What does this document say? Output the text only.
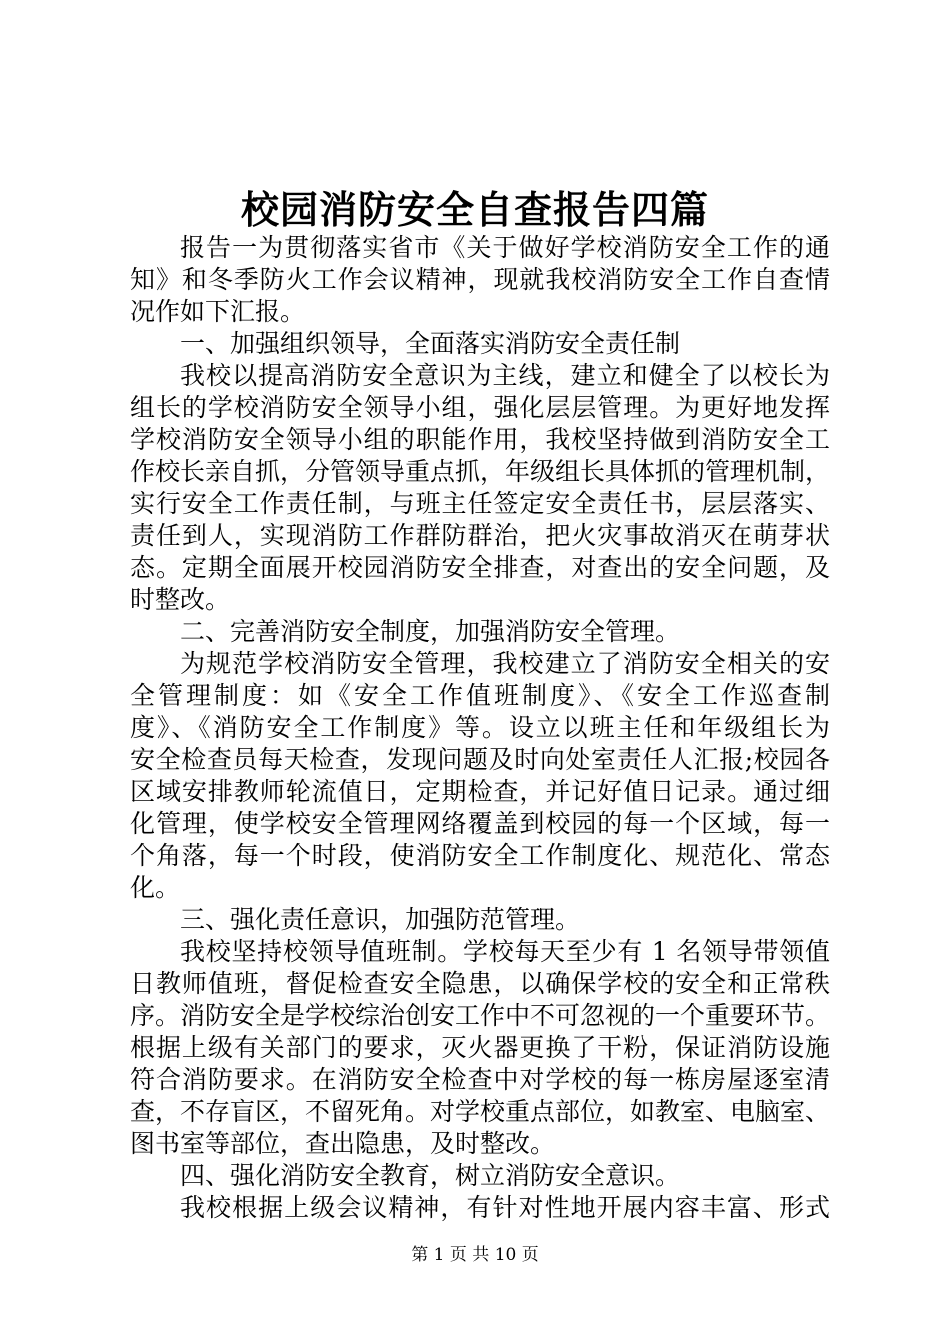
校园消防安全自查报告四篇
报告一为贯彻落实省市《关于做好学校消防安全工作的通
知》和冬季防火工作会议精神，现就我校消防安全工作自查情
况作如下汇报。
一、加强组织领导，全面落实消防安全责任制
我校以提高消防安全意识为主线，建立和健全了以校长为
组长的学校消防安全领导小组，强化层层管理。为更好地发挥
学校消防安全领导小组的职能作用，我校坚持做到消防安全工
作校长亲自抓，分管领导重点抓，年级组长具体抓的管理机制，
实行安全工作责任制，与班主任签定安全责任书，层层落实、
责任到人，实现消防工作群防群治，把火灾事故消灭在萌芽状
态。定期全面展开校园消防安全排查，对查出的安全问题，及
时整改。
二、完善消防安全制度，加强消防安全管理。
为规范学校消防安全管理，我校建立了消防安全相关的安
全管理制度：如《安全工作值班制度》、《安全工作巡查制
度》、《消防安全工作制度》等。设立以班主任和年级组长为
安全检查员每天检查，发现问题及时向处室责任人汇报;校园各
区域安排教师轮流值日，定期检查，并记好值日记录。通过细
化管理，使学校安全管理网络覆盖到校园的每一个区域，每一
个角落，每一个时段，使消防安全工作制度化、规范化、常态
化。
三、强化责任意识，加强防范管理。
我校坚持校领导值班制。学校每天至少有 1 名领导带领值
日教师值班，督促检查安全隐患，以确保学校的安全和正常秩
序。消防安全是学校综治创安工作中不可忽视的一个重要环节。
根据上级有关部门的要求，灭火器更换了干粉，保证消防设施
符合消防要求。在消防安全检查中对学校的每一栋房屋逐室清
查，不存盲区，不留死角。对学校重点部位，如教室、电脑室、
图书室等部位，查出隐患，及时整改。
四、强化消防安全教育，树立消防安全意识。
我校根据上级会议精神，有针对性地开展内容丰富、形式
第 1 页 共 10 页
